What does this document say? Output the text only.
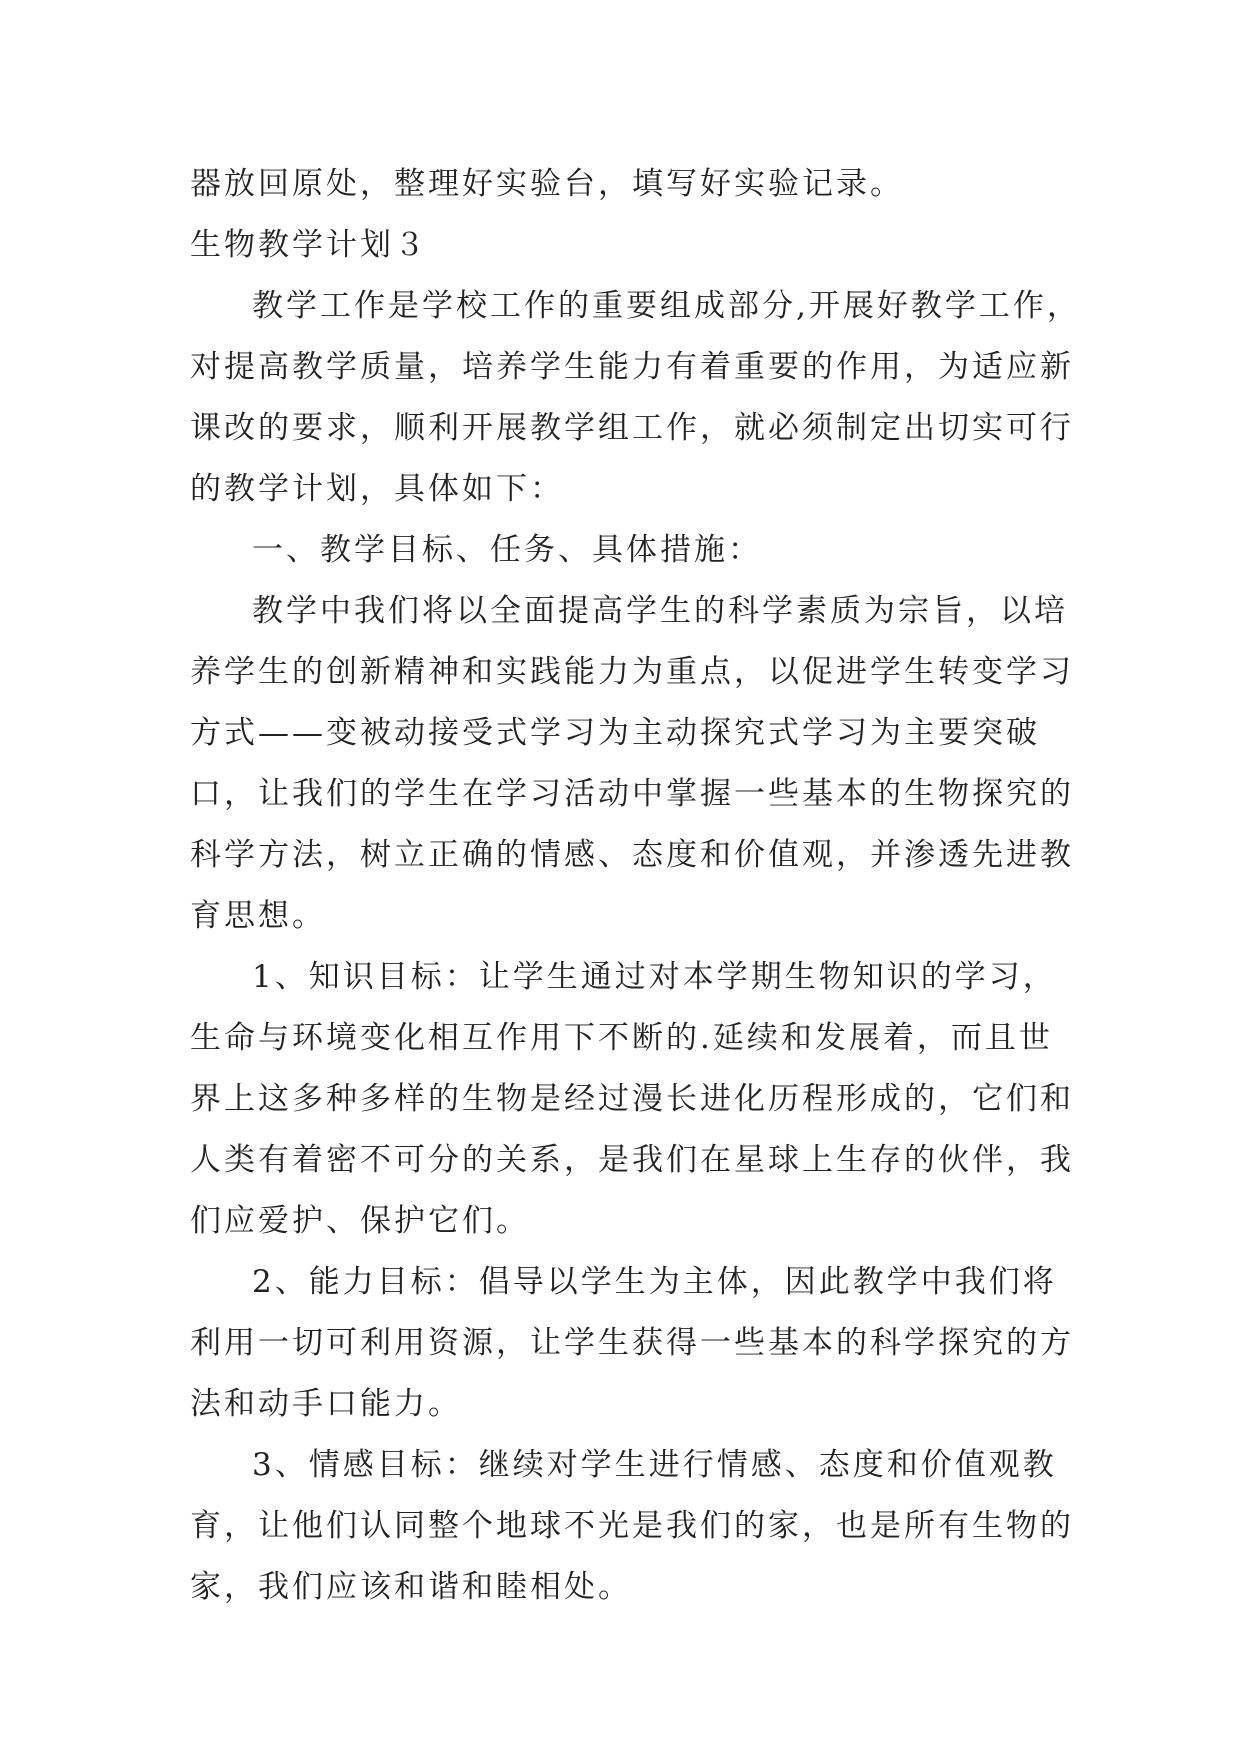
器放回原处，整理好实验台，填写好实验记录。
生物教学计划３
教学工作是学校工作的重要组成部分,开展好教学工作，
对提高教学质量，培养学生能力有着重要的作用，为适应新
课改的要求，顺利开展教学组工作，就必须制定出切实可行
的教学计划，具体如下：
一、教学目标、任务、具体措施：
教学中我们将以全面提高学生的科学素质为宗旨，以培
养学生的创新精神和实践能力为重点，以促进学生转变学习
方式——变被动接受式学习为主动探究式学习为主要突破
口，让我们的学生在学习活动中掌握一些基本的生物探究的
科学方法，树立正确的情感、态度和价值观，并渗透先进教
育思想。
1、知识目标：让学生通过对本学期生物知识的学习，
生命与环境变化相互作用下不断的.延续和发展着，而且世
界上这多种多样的生物是经过漫长进化历程形成的，它们和
人类有着密不可分的关系，是我们在星球上生存的伙伴，我
们应爱护、保护它们。
2、能力目标：倡导以学生为主体，因此教学中我们将
利用一切可利用资源，让学生获得一些基本的科学探究的方
法和动手口能力。
3、情感目标：继续对学生进行情感、态度和价值观教
育，让他们认同整个地球不光是我们的家，也是所有生物的
家，我们应该和谐和睦相处。
